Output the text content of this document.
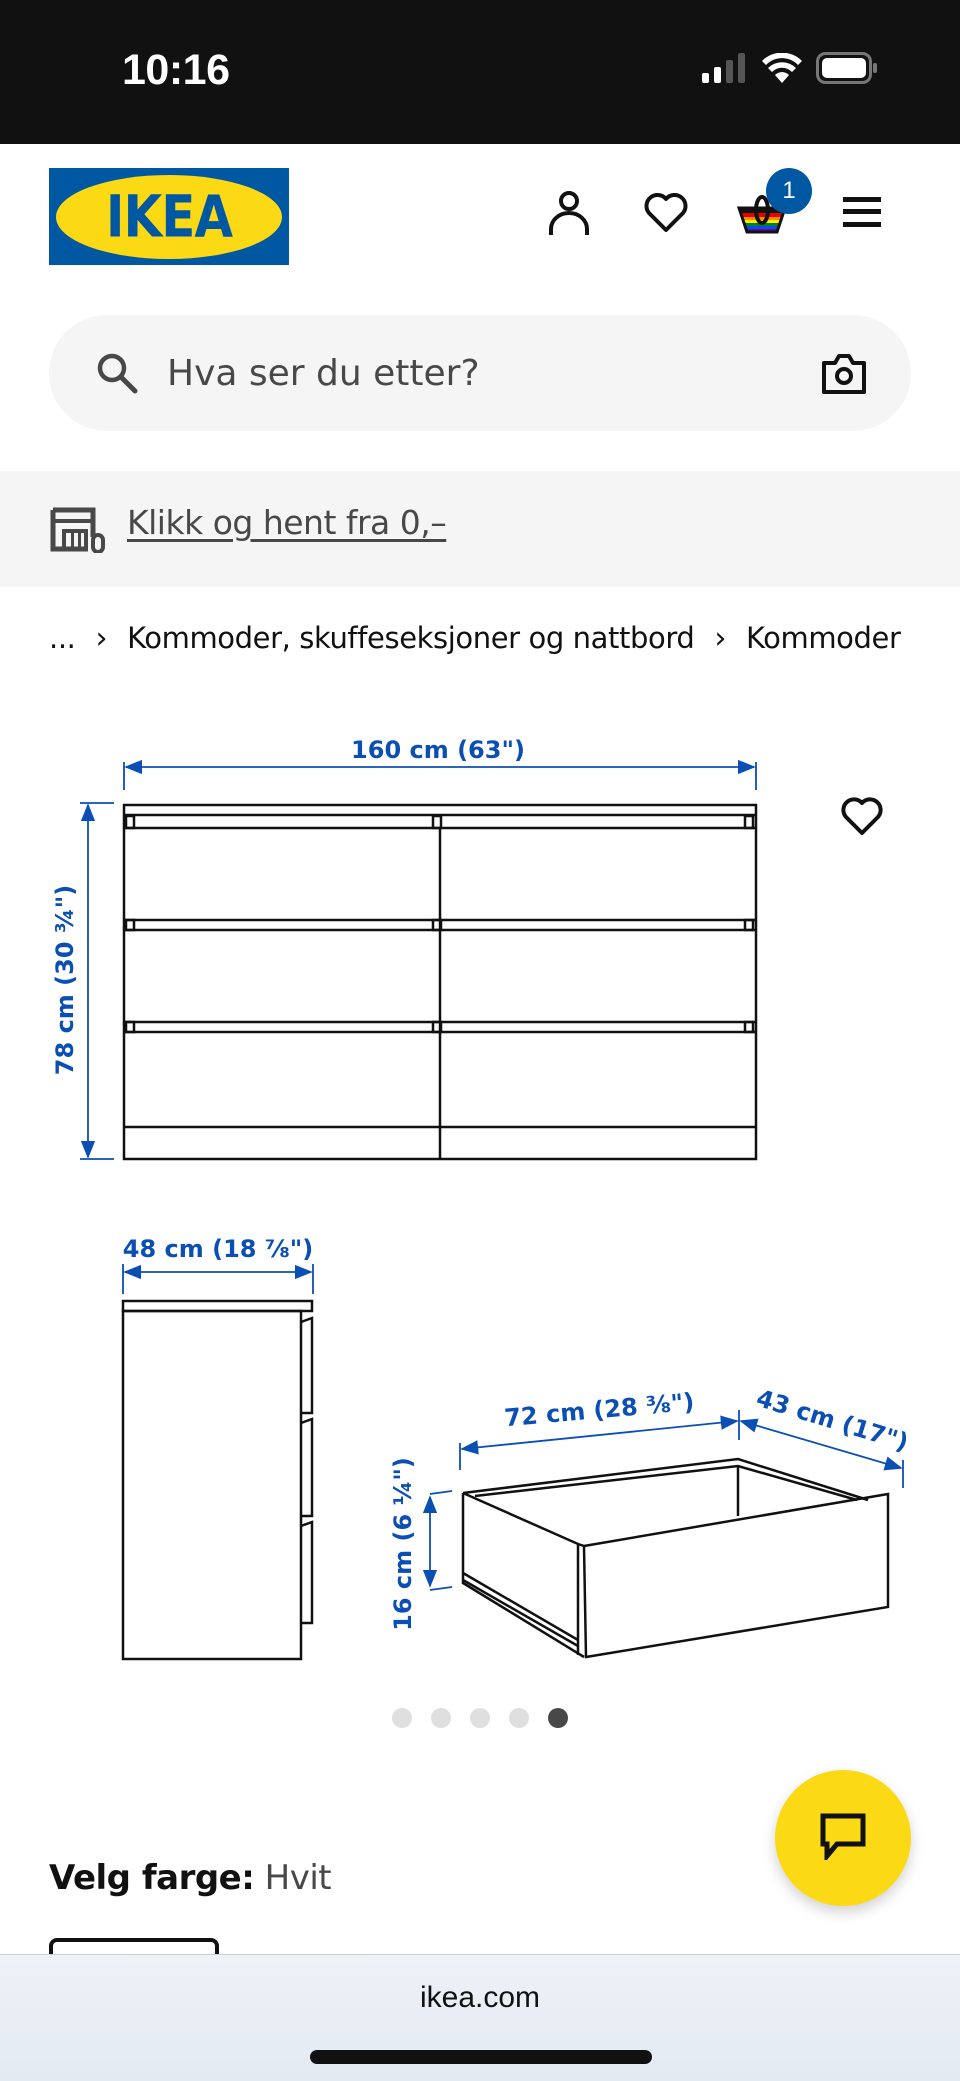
10:16
IKEA	1
Hva ser du etter?
Klikk og hent fra 0,–
... › Kommoder, skuffeseksjoner og nattbord › Kommoder
160 cm (63")
78 cm (30 ¾")
48 cm (18 ⅞")
72 cm (28 ⅜") 43 cm (17")
16 cm (6 ¼")
Velg farge: Hvit
ikea.com
